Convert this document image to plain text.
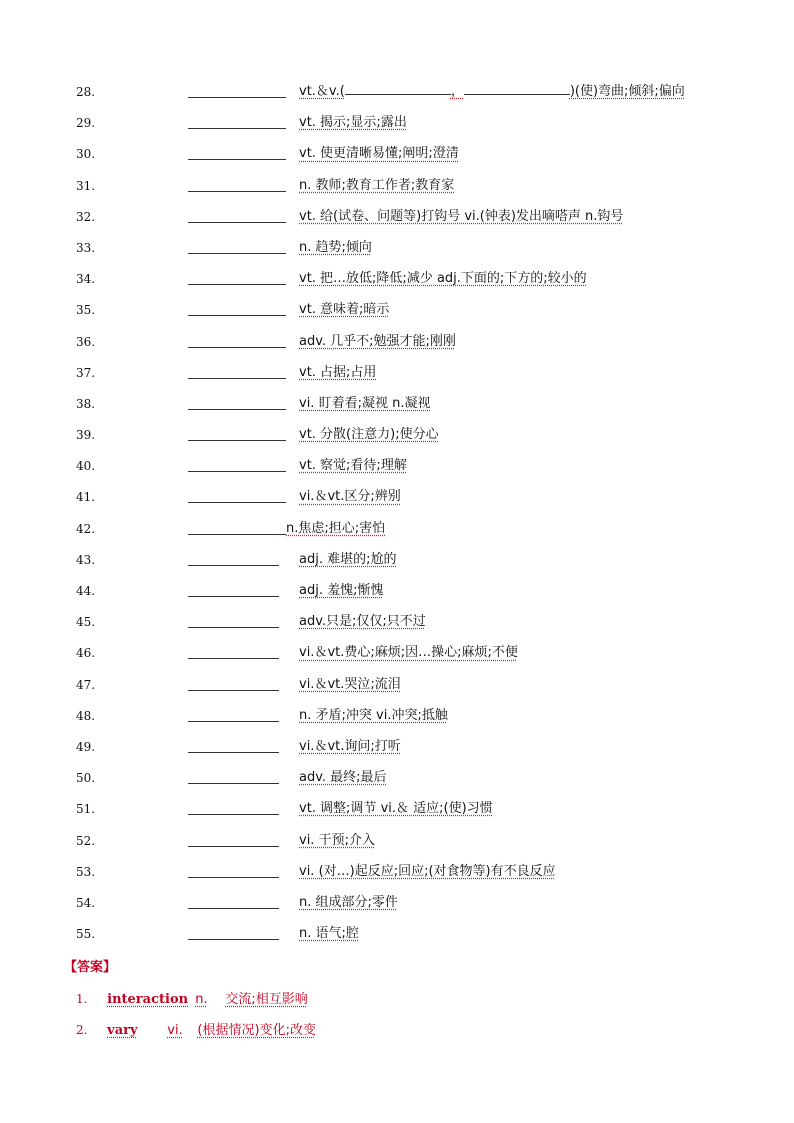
28.	vt.＆v.(	，	)(使)弯曲;倾斜;偏向
29.	vt. 揭示;显示;露出
30.	vt. 使更清晰易懂;阐明;澄清
31.	n. 教师;教育工作者;教育家
32.	vt. 给(试卷、问题等)打钩号 vi.(钟表)发出嘀嗒声 n.钩号
33.	n. 趋势;倾向
34.	vt. 把…放低;降低;减少 adj.下面的;下方的;较小的
35.	vt. 意味着;暗示
36.	adv. 几乎不;勉强才能;刚刚
37.	vt. 占据;占用
38.	vi. 盯着看;凝视 n.凝视
39.	vt. 分散(注意力);使分心
40.	vt. 察觉;看待;理解
41.	vi.＆vt.区分;辨别
42.	n.焦虑;担心;害怕
43.	adj. 难堪的;尬的
44.	adj. 羞愧;惭愧
45.	adv.只是;仅仅;只不过
46.	vi.＆vt.费心;麻烦;因…操心;麻烦;不便
47.	vi.＆vt.哭泣;流泪
48.	n. 矛盾;冲突 vi.冲突;抵触
49.	vi.＆vt.询问;打听
50.	adv. 最终;最后
51.	vt. 调整;调节 vi.＆ 适应;(使)习惯
52.	vi. 干预;介入
53.	vi. (对…)起反应;回应;(对食物等)有不良反应
54.	n. 组成部分;零件
55.	n. 语气;腔
【答案】
1. interaction n. 交流;相互影响
2. vary vi. (根据情况)变化;改变
